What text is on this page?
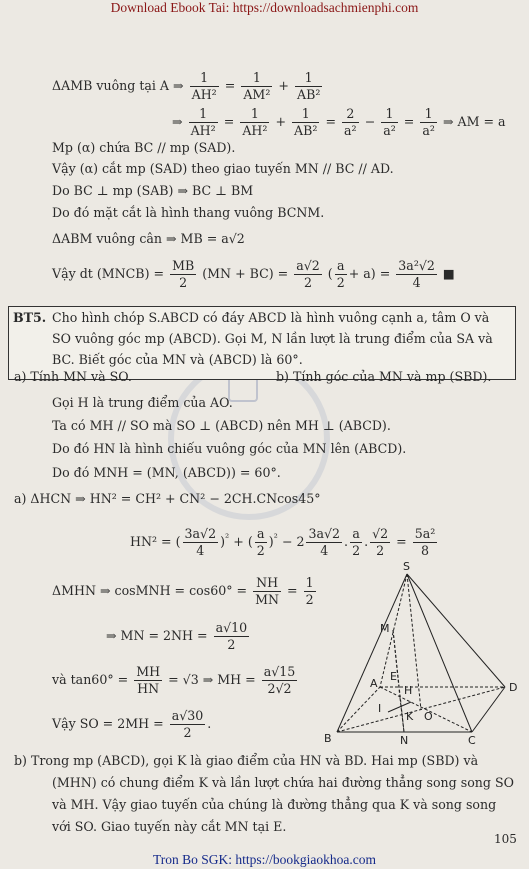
Download Ebook Tai: https://downloadsachmienphi.com
ΔAMB vuông tại A ⇒ $\frac{1}{\text{AH²}} = \frac{1}{\text{AM²}} + \frac{1}{\text{AB²}}$
⇒ $\frac{1}{\text{AH²}} = \frac{1}{\text{AH²}} + \frac{1}{\text{AB²}} = \frac{2}{\text{a²}} - \frac{1}{\text{a²}} = \frac{1}{\text{a²}}$ ⇒ AM = a
Mp (α) chứa BC // mp (SAD).
Vậy (α) cắt mp (SAD) theo giao tuyến MN // BC // AD.
Do BC ⊥ mp (SAB) ⇒ BC ⊥ BM
Do đó mặt cắt là hình thang vuông BCNM.
ΔABM vuông cân ⇒ MB = a√2
Vậy dt (MNCB) = $\frac{MB}{2} (MN + BC) = \frac{a√2}{2}$ ( $\frac{a}{2} + a) = \frac{\text{3a²√2}}{4}$ ■
BT5. Cho hình chóp S.ABCD có đáy ABCD là hình vuông cạnh a, tâm O và
SO vuông góc mp (ABCD). Gọi M, N lần lượt là trung điểm của SA và
BC. Biết góc của MN và (ABCD) là 60°.
a) Tính MN và SO.	b) Tính góc của MN và mp (SBD).
Gọi H là trung điểm của AO.
Ta có MH // SO mà SO ⊥ (ABCD) nên MH ⊥ (ABCD).
Do đó HN là hình chiếu vuông góc của MN lên (ABCD).
Do đó MNH = (MN, (ABCD)) = 60°.
a) ΔHCN ⇒ HN² = CH² + CN² − 2CH.CNcos45°
HN² = ( $\frac{3a√2}{4} )^{^2}$ + ( $\frac{a}{2} )^{^2} - 2 \frac{3a√2}{4}$ . $\frac{a}{2}$ . $\frac{√2}{2} = \frac{\text{5a²}}{8}$
ΔMHN ⇒ cosMNH = $\cos 60^\circ = \frac{NH}{MN} = \frac{1}{2}$
⇒ MN = $2NH = \frac{a√10}{2}$
và $\tan 60^\circ = \frac{MH}{HN} = √3$ ⇒ MH = $\frac{a√15}{2√2}$
Vậy SO = $2MH = \frac{a√30}{2}$ .
b) Trong mp (ABCD), gọi K là giao điểm của HN và BD. Hai mp (SBD) và
(MHN) có chung điểm K và lần lượt chứa hai đường thẳng song song SO
và MH. Vậy giao tuyến của chúng là đường thẳng qua K và song song
với SO. Giao tuyến này cắt MN tại E.
S
M
A	D
B	C
N
O
H
K
E
I
105
Tron Bo SGK: https://bookgiaokhoa.com
